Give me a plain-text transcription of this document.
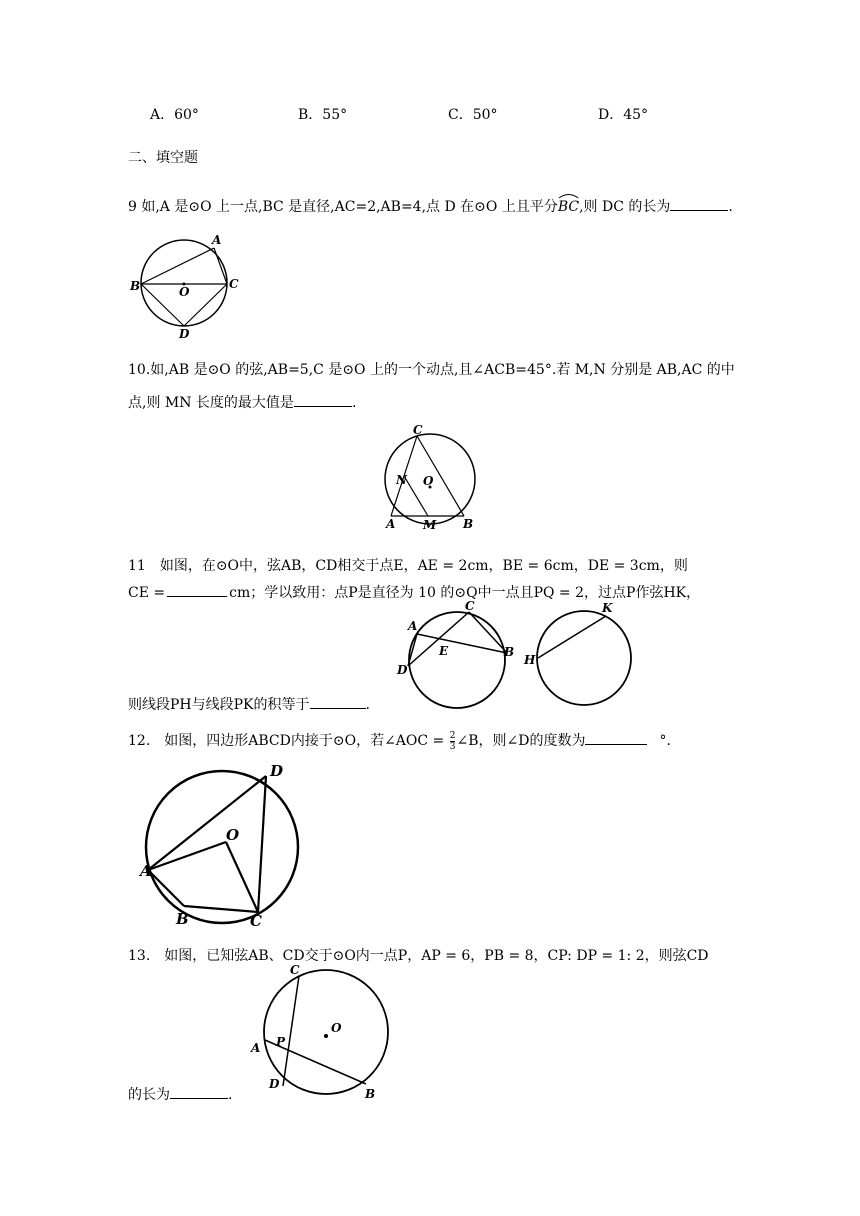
A．60°	B．55°	C．50°	D．45°
二、填空题
9 如,A 是⊙O 上一点,BC 是直径,AC=2,AB=4,点 D 在⊙O 上且平分BC
,则 DC 的长为	.
A
B	C
D
O
10.如,AB 是⊙O 的弦,AB=5,C 是⊙O 上的一个动点,且∠ACB=45°.若 M,N 分别是 AB,AC 的中
点,则 MN 长度的最大值是	.
C
N O
A M B
11　如图，在⊙O中，弦AB，CD相交于点E，AE = 2cm，BE = 6cm，DE = 3cm，则
CE =	cm；学以致用：点P是直径为 10 的⊙Q中一点且PQ = 2，过点P作弦HK，
A
C
E	B
D
H
K
则线段PH与线段PK的积等于	.
12.　如图，四边形ABCD内接于⊙O，若∠AOC = $\frac{2}{3}$ ∠B，则∠D的度数为	°.
D
O
A
B	C
13.　如图，已知弦AB、CD交于⊙O内一点P，AP = 6，PB = 8，CP: DP = 1: 2，则弦CD
C
O
P
A
D
B
的长为	.
